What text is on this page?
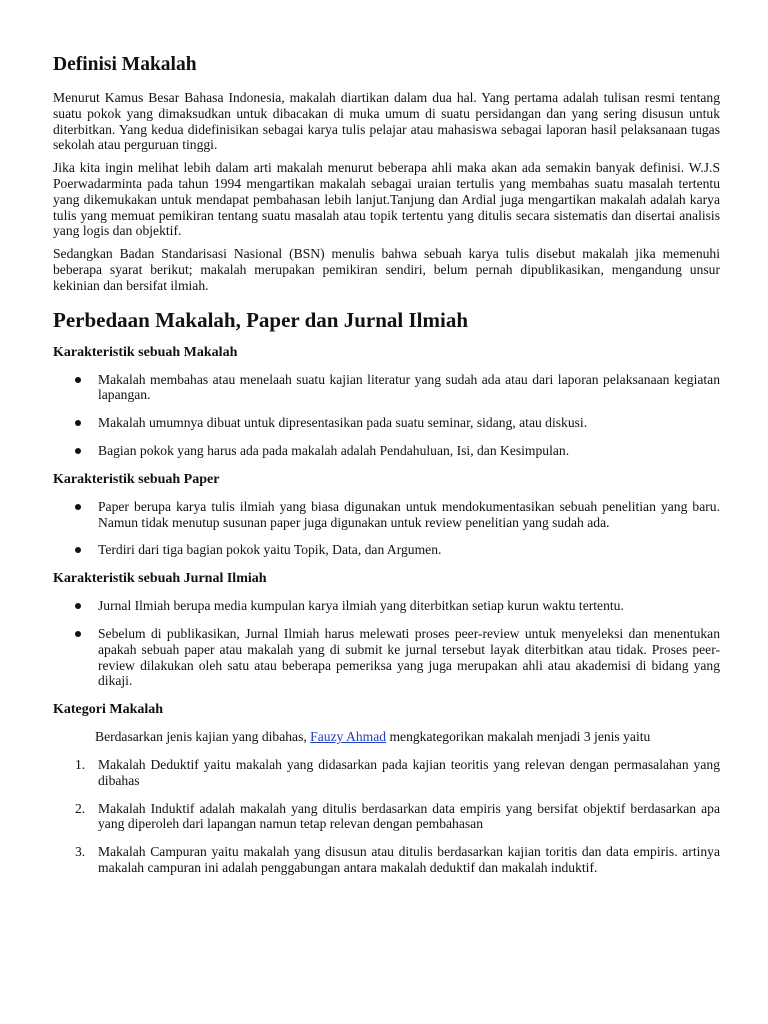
Definisi Makalah

Menurut Kamus Besar Bahasa Indonesia, makalah diartikan dalam dua hal. Yang pertama adalah tulisan resmi tentang suatu pokok yang dimaksudkan untuk dibacakan di muka umum di suatu persidangan dan yang sering disusun untuk diterbitkan. Yang kedua didefinisikan sebagai karya tulis pelajar atau mahasiswa sebagai laporan hasil pelaksanaan tugas sekolah atau perguruan tinggi.

Jika kita ingin melihat lebih dalam arti makalah menurut beberapa ahli maka akan ada semakin banyak definisi. W.J.S Poerwadarminta pada tahun 1994 mengartikan makalah sebagai uraian tertulis yang membahas suatu masalah tertentu yang dikemukakan untuk mendapat pembahasan lebih lanjut.Tanjung dan Ardial juga mengartikan makalah adalah karya tulis yang memuat pemikiran tentang suatu masalah atau topik tertentu yang ditulis secara sistematis dan disertai analisis yang logis dan objektif.

Sedangkan Badan Standarisasi Nasional (BSN) menulis bahwa sebuah karya tulis disebut makalah jika memenuhi beberapa syarat berikut; makalah merupakan pemikiran sendiri, belum pernah dipublikasikan, mengandung unsur kekinian dan bersifat ilmiah.

Perbedaan Makalah, Paper dan Jurnal Ilmiah
Karakteristik sebuah Makalah
Makalah membahas atau menelaah suatu kajian literatur yang sudah ada atau dari laporan pelaksanaan kegiatan lapangan.
Makalah umumnya dibuat untuk dipresentasikan pada suatu seminar, sidang, atau diskusi.
Bagian pokok yang harus ada pada makalah adalah Pendahuluan, Isi, dan Kesimpulan.
Karakteristik sebuah Paper
Paper berupa karya tulis ilmiah yang biasa digunakan untuk mendokumentasikan sebuah penelitian yang baru. Namun tidak menutup susunan paper juga digunakan untuk review penelitian yang sudah ada.
Terdiri dari tiga bagian pokok yaitu Topik, Data, dan Argumen.
Karakteristik sebuah Jurnal Ilmiah
Jurnal Ilmiah berupa media kumpulan karya ilmiah yang diterbitkan setiap kurun waktu tertentu.
Sebelum di publikasikan, Jurnal Ilmiah harus melewati proses peer-review untuk menyeleksi dan menentukan apakah sebuah paper atau makalah yang di submit ke jurnal tersebut layak diterbitkan atau tidak. Proses peer-review dilakukan oleh satu atau beberapa pemeriksa yang juga merupakan ahli atau akademisi di bidang yang dikaji.
Kategori Makalah

Berdasarkan jenis kajian yang dibahas, Fauzy Ahmad mengkategorikan makalah menjadi 3 jenis yaitu

1. Makalah Deduktif yaitu makalah yang didasarkan pada kajian teoritis yang relevan dengan permasalahan yang dibahas
2. Makalah Induktif adalah makalah yang ditulis berdasarkan data empiris yang bersifat objektif berdasarkan apa yang diperoleh dari lapangan namun tetap relevan dengan pembahasan
3. Makalah Campuran yaitu makalah yang disusun atau ditulis berdasarkan kajian toritis dan data empiris. artinya makalah campuran ini adalah penggabungan antara makalah deduktif dan makalah induktif.
